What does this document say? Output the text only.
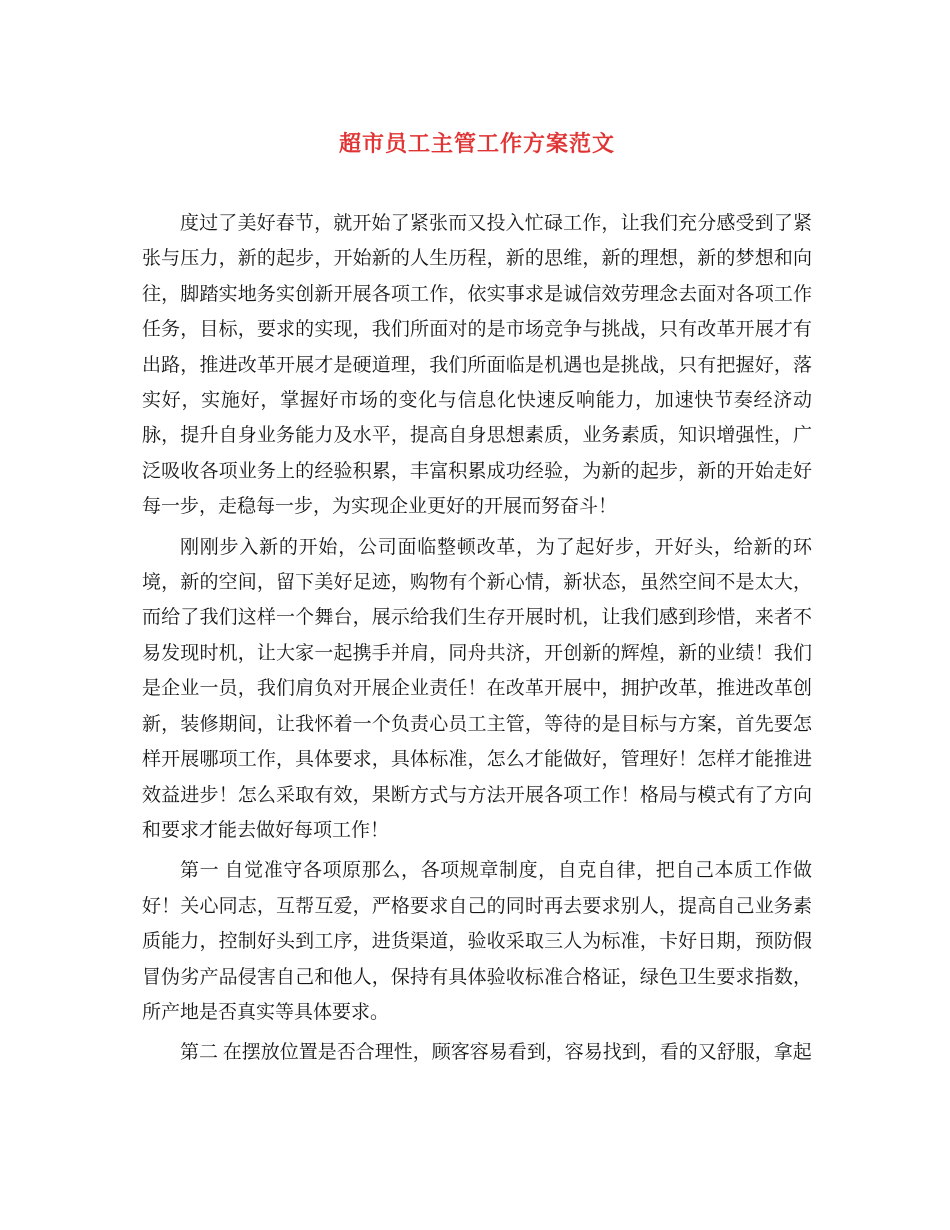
超市员工主管工作方案范文

度过了美好春节，就开始了紧张而又投入忙碌工作，让我们充分感受到了紧张与压力，新的起步，开始新的人生历程，新的思维，新的理想，新的梦想和向往，脚踏实地务实创新开展各项工作，依实事求是诚信效劳理念去面对各项工作任务，目标，要求的实现，我们所面对的是市场竞争与挑战，只有改革开展才有出路，推进改革开展才是硬道理，我们所面临是机遇也是挑战，只有把握好，落实好，实施好，掌握好市场的变化与信息化快速反响能力，加速快节奏经济动脉，提升自身业务能力及水平，提高自身思想素质，业务素质，知识增强性，广泛吸收各项业务上的经验积累，丰富积累成功经验，为新的起步，新的开始走好每一步，走稳每一步，为实现企业更好的开展而努奋斗！

刚刚步入新的开始，公司面临整顿改革，为了起好步，开好头，给新的环境，新的空间，留下美好足迹，购物有个新心情，新状态，虽然空间不是太大，而给了我们这样一个舞台，展示给我们生存开展时机，让我们感到珍惜，来者不易发现时机，让大家一起携手并肩，同舟共济，开创新的辉煌，新的业绩！我们是企业一员，我们肩负对开展企业责任！在改革开展中，拥护改革，推进改革创新，装修期间，让我怀着一个负责心员工主管，等待的是目标与方案，首先要怎样开展哪项工作，具体要求，具体标准，怎么才能做好，管理好！怎样才能推进效益进步！怎么采取有效，果断方式与方法开展各项工作！格局与模式有了方向和要求才能去做好每项工作！

第一 自觉准守各项原那么，各项规章制度，自克自律，把自己本质工作做好！关心同志，互帮互爱，严格要求自己的同时再去要求别人，提高自己业务素质能力，控制好头到工序，进货渠道，验收采取三人为标准，卡好日期，预防假冒伪劣产品侵害自己和他人，保持有具体验收标准合格证，绿色卫生要求指数，所产地是否真实等具体要求。

第二 在摆放位置是否合理性，顾客容易看到，容易找到，看的又舒服，拿起
